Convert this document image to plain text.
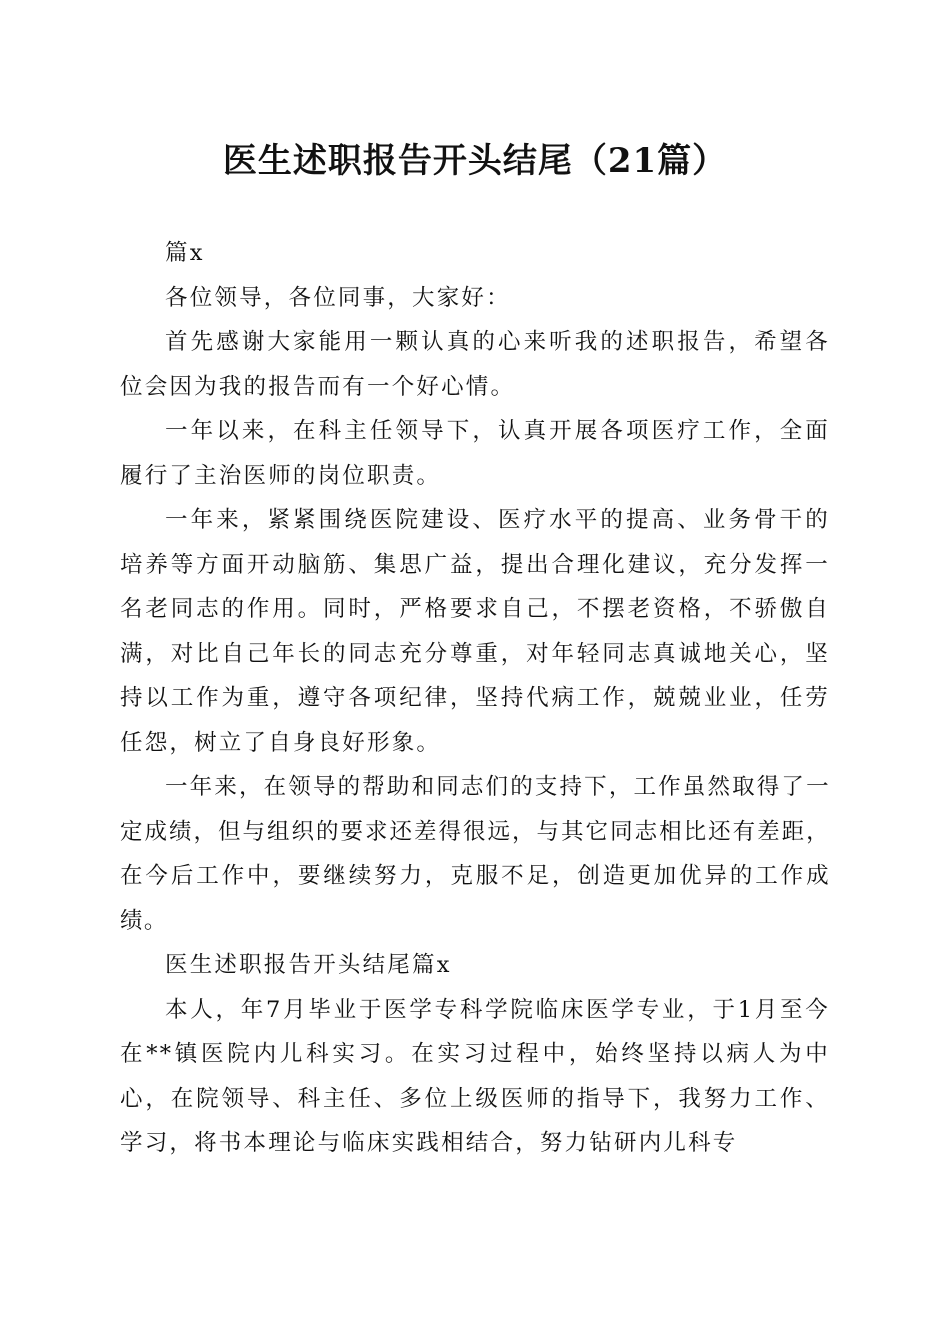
医生述职报告开头结尾（21篇）

篇x

各位领导，各位同事，大家好：

首先感谢大家能用一颗认真的心来听我的述职报告，希望各位会因为我的报告而有一个好心情。

一年以来，在科主任领导下，认真开展各项医疗工作，全面履行了主治医师的岗位职责。

一年来，紧紧围绕医院建设、医疗水平的提高、业务骨干的培养等方面开动脑筋、集思广益，提出合理化建议，充分发挥一名老同志的作用。同时，严格要求自己，不摆老资格，不骄傲自满，对比自己年长的同志充分尊重，对年轻同志真诚地关心，坚持以工作为重，遵守各项纪律，坚持代病工作，兢兢业业，任劳任怨，树立了自身良好形象。

一年来，在领导的帮助和同志们的支持下，工作虽然取得了一定成绩，但与组织的要求还差得很远，与其它同志相比还有差距，在今后工作中，要继续努力，克服不足，创造更加优异的工作成绩。

医生述职报告开头结尾篇x

本人，年7月毕业于医学专科学院临床医学专业，于1月至今在**镇医院内儿科实习。在实习过程中，始终坚持以病人为中心，在院领导、科主任、多位上级医师的指导下，我努力工作、学习，将书本理论与临床实践相结合，努力钻研内儿科专
